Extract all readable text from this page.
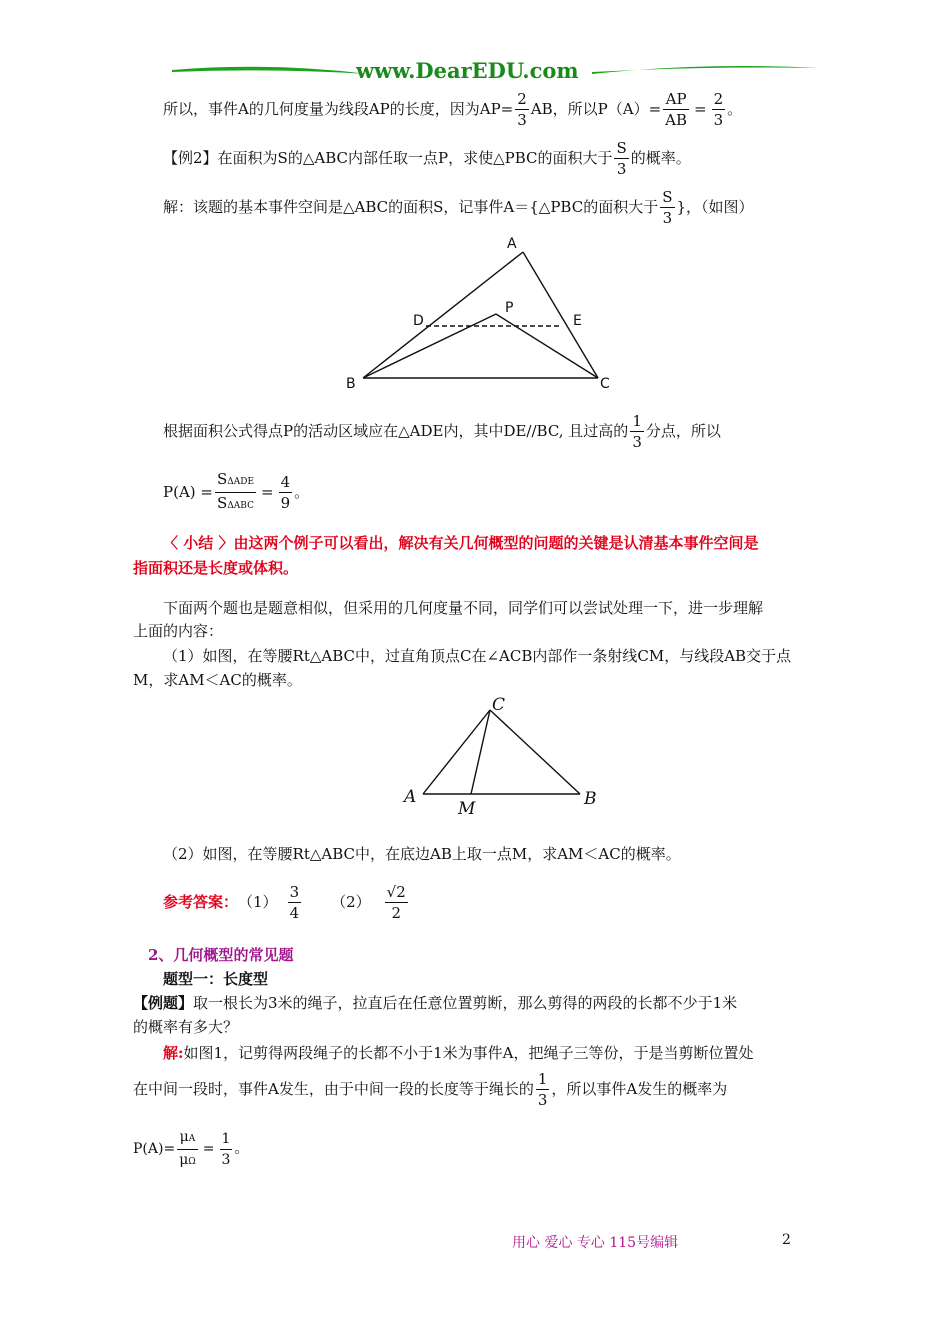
www.DearEDU.com
所以，事件A的几何度量为线段AP的长度，因为$AP= \frac{2}{3}$ AB，所以$P(A)= \frac{AP}{AB} = \frac{2}{3}$ 。
【例2】 在面积为S的△ABC内部任取一点P，求使△PBC的面积大于 $\frac{S}{3}$ 的概率。
解：该题的基本事件空间是△ABC的面积S，记事件A＝{△PBC的面积大于 $\frac{S}{3}$ }，（如图）
A
B	C
D	E
P
根据面积公式得点P的活动区域应在△ADE内，其中DE//BC, 且过高的 $\frac{1}{3}$ 分点，所以
$P(A) = \frac{\text{SΔADE}}{\text{SΔABC}} = \frac{4}{9}$ 。
〈 小结 〉由这两个例子可以看出，解决有关几何概型的问题的关键是认清基本事件空间是
指面积还是长度或体积。
下面两个题也是题意相似，但采用的几何度量不同，同学们可以尝试处理一下，进一步理解
上面的内容：
（1）如图，在等腰Rt△ABC中，过直角顶点C在∠ACB内部作一条射线CM，与线段AB交于点
M，求AM＜AC的概率。
C
A	B
M
（2）如图，在等腰Rt△ABC中，在底边AB上取一点M，求AM＜AC的概率。
参考答案： $(1) \frac{3}{4} (2) \frac{√2}{2}$
2、几何概型的常见题
题型一：长度型
【例题】取一根长为3米的绳子，拉直后在任意位置剪断，那么剪得的两段的长都不少于1米
的概率有多大？
解:如图1，记剪得两段绳子的长都不小于1米为事件A，把绳子三等份，于是当剪断位置处
在中间一段时，事件A发生，由于中间一段的长度等于绳长的 $\frac{1}{3}$ ，所以事件A发生的概率为
$P(A)= \frac{\mu A}{\mu\Omega} = \frac{1}{3}$ 。
用心 爱心 专心 115号编辑	2
